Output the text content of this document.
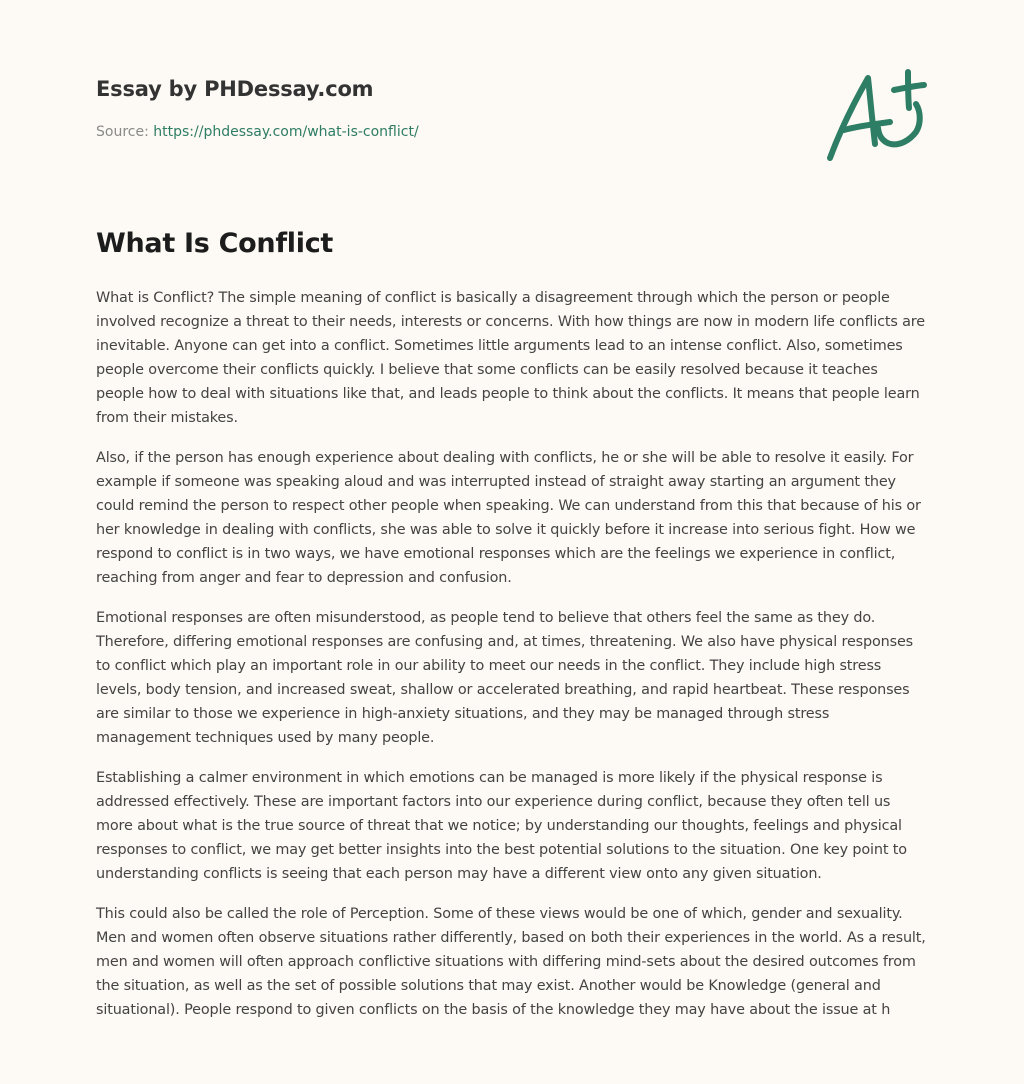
Essay by PHDessay.com
Source: https://phdessay.com/what-is-conflict/
What Is Conflict

What is Conflict? The simple meaning of conflict is basically a disagreement through which the person or people involved recognize a threat to their needs, interests or concerns. With how things are now in modern life conflicts are inevitable. Anyone can get into a conflict. Sometimes little arguments lead to an intense conflict. Also, sometimes people overcome their conflicts quickly. I believe that some conflicts can be easily resolved because it teaches people how to deal with situations like that, and leads people to think about the conflicts. It means that people learn from their mistakes.

Also, if the person has enough experience about dealing with conflicts, he or she will be able to resolve it easily. For example if someone was speaking aloud and was interrupted instead of straight away starting an argument they could remind the person to respect other people when speaking. We can understand from this that because of his or her knowledge in dealing with conflicts, she was able to solve it quickly before it increase into serious fight. How we respond to conflict is in two ways, we have emotional responses which are the feelings we experience in conflict, reaching from anger and fear to depression and confusion.

Emotional responses are often misunderstood, as people tend to believe that others feel the same as they do. Therefore, differing emotional responses are confusing and, at times, threatening. We also have physical responses to conflict which play an important role in our ability to meet our needs in the conflict. They include high stress levels, body tension, and increased sweat, shallow or accelerated breathing, and rapid heartbeat. These responses are similar to those we experience in high-anxiety situations, and they may be managed through stress management techniques used by many people.

Establishing a calmer environment in which emotions can be managed is more likely if the physical response is addressed effectively. These are important factors into our experience during conflict, because they often tell us more about what is the true source of threat that we notice; by understanding our thoughts, feelings and physical responses to conflict, we may get better insights into the best potential solutions to the situation. One key point to understanding conflicts is seeing that each person may have a different view onto any given situation.

This could also be called the role of Perception. Some of these views would be one of which, gender and sexuality. Men and women often observe situations rather differently, based on both their experiences in the world. As a result, men and women will often approach conflictive situations with differing mind-sets about the desired outcomes from the situation, as well as the set of possible solutions that may exist. Another would be Knowledge (general and situational). People respond to given conflicts on the basis of the knowledge they may have about the issue at h
